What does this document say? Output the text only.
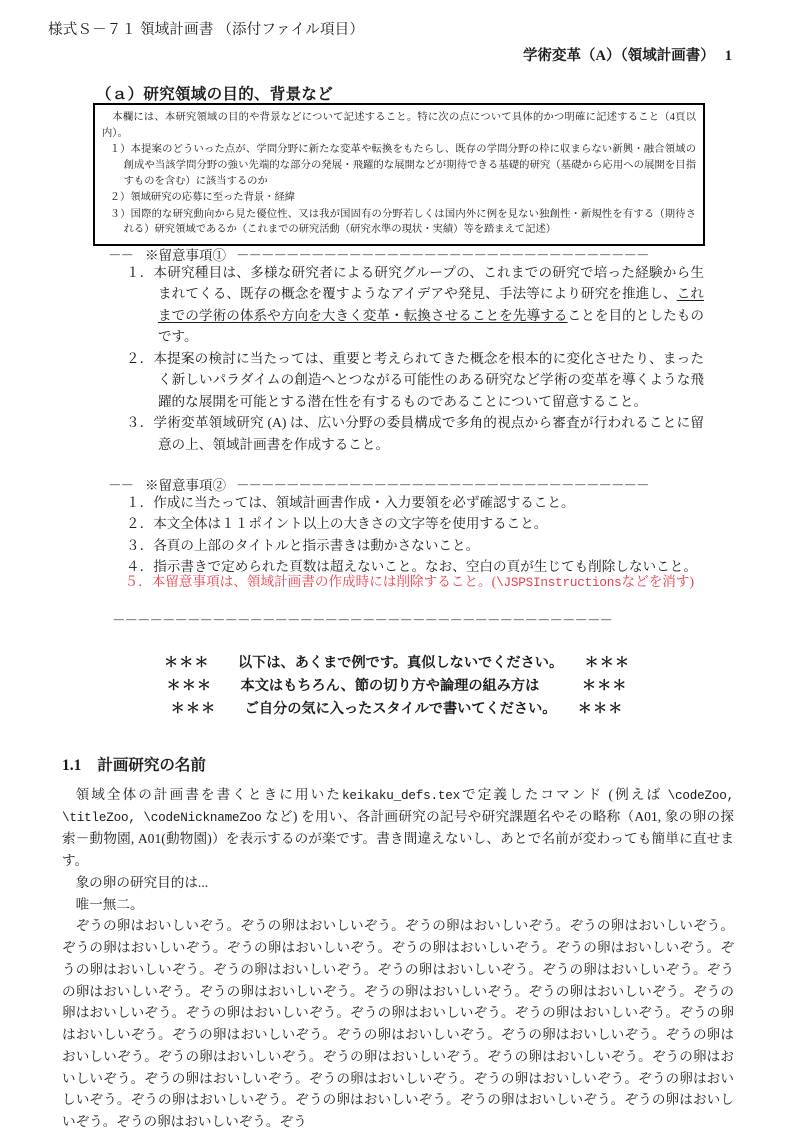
様式Ｓ－７１ 領域計画書 （添付ファイル項目）
学術変革（A）（領域計画書） 1
（ａ）研究領域の目的、背景など

本欄には、本研究領域の目的や背景などについて記述すること。特に次の点について具体的かつ明確に記述すること（4頁以内）。

１）本提案のどういった点が、学問分野に新たな変革や転換をもたらし、既存の学問分野の枠に収まらない新興・融合領域の創成や当該学問分野の強い先端的な部分の発展・飛躍的な展開などが期待できる基礎的研究（基礎から応用への展開を目指すものを含む）に該当するのか

２）領域研究の応募に至った背景・経緯

３）国際的な研究動向から見た優位性、又は我が国固有の分野若しくは国内外に例を見ない独創性・新規性を有する（期待される）研究領域であるか（これまでの研究活動（研究水準の現状・実績）等を踏まえて記述）

－－ ※留意事項① －－－－－－－－－－－－－－－－－－－－－－－－－－－－－－－－－
１．本研究種目は、多様な研究者による研究グループの、これまでの研究で培った経験から生まれてくる、既存の概念を覆すようなアイデアや発見、手法等により研究を推進し、これまでの学術の体系や方向を大きく変革・転換させることを先導することを目的としたものです。
２．本提案の検討に当たっては、重要と考えられてきた概念を根本的に変化させたり、まったく新しいパラダイムの創造へとつながる可能性のある研究など学術の変革を導くような飛躍的な展開を可能とする潜在性を有するものであることについて留意すること。
３．学術変革領域研究 (A) は、広い分野の委員構成で多角的視点から審査が行われることに留意の上、領域計画書を作成すること。
－－ ※留意事項② －－－－－－－－－－－－－－－－－－－－－－－－－－－－－－－－－
１．作成に当たっては、領域計画書作成・入力要領を必ず確認すること。
２．本文全体は１１ポイント以上の大きさの文字等を使用すること。
３．各頁の上部のタイトルと指示書きは動かさないこと。
４．指示書きで定められた頁数は超えないこと。なお、空白の頁が生じても削除しないこと。
５．本留意事項は、領域計画書の作成時には削除すること。(\JSPSInstructionsなどを消す)
－－－－－－－－－－－－－－－－－－－－－－－－－－－－－－－－－－－－－－－－
＊＊＊　　 以下は、あくまで例です。真似しないでください。　　 ＊＊＊
＊＊＊　　 本文はもちろん、節の切り方や論理の組み方は　　　	＊＊＊
＊＊＊　　 ご自分の気に入ったスタイルで書いてください。　　 ＊＊＊
1.1 計画研究の名前

領域全体の計画書を書くときに用いたkeikaku_defs.texで定義したコマンド (例えば \codeZoo, \titleZoo, \codeNicknameZoo など) を用い、各計画研究の記号や研究課題名やその略称（A01, 象の卵の探索－動物園, A01(動物園)）を表示するのが楽です。書き間違えないし、あとで名前が変わっても簡単に直せます。

象の卵の研究目的は...

唯一無二。

ぞうの卵はおいしいぞう。ぞうの卵はおいしいぞう。ぞうの卵はおいしいぞう。ぞうの卵はおいしいぞう。ぞうの卵はおいしいぞう。ぞうの卵はおいしいぞう。ぞうの卵はおいしいぞう。ぞうの卵はおいしいぞう。ぞうの卵はおいしいぞう。ぞうの卵はおいしいぞう。ぞうの卵はおいしいぞう。ぞうの卵はおいしいぞう。ぞうの卵はおいしいぞう。ぞうの卵はおいしいぞう。ぞうの卵はおいしいぞう。ぞうの卵はおいしいぞう。ぞうの卵はおいしいぞう。ぞうの卵はおいしいぞう。ぞうの卵はおいしいぞう。ぞうの卵はおいしいぞう。ぞうの卵はおいしいぞう。ぞうの卵はおいしいぞう。ぞうの卵はおいしいぞう。ぞうの卵はおいしいぞう。ぞうの卵はおいしいぞう。ぞうの卵はおいしいぞう。ぞうの卵はおいしいぞう。ぞうの卵はおいしいぞう。ぞうの卵はおいしいぞう。ぞうの卵はおいしいぞう。ぞうの卵はおいしいぞう。ぞうの卵はおいしいぞう。ぞうの卵はおいしいぞう。ぞうの卵はおいしいぞう。ぞうの卵はおいしいぞう。ぞうの卵はおいしいぞう。ぞうの卵はおいしいぞう。ぞうの卵はおいしいぞう。ぞう
